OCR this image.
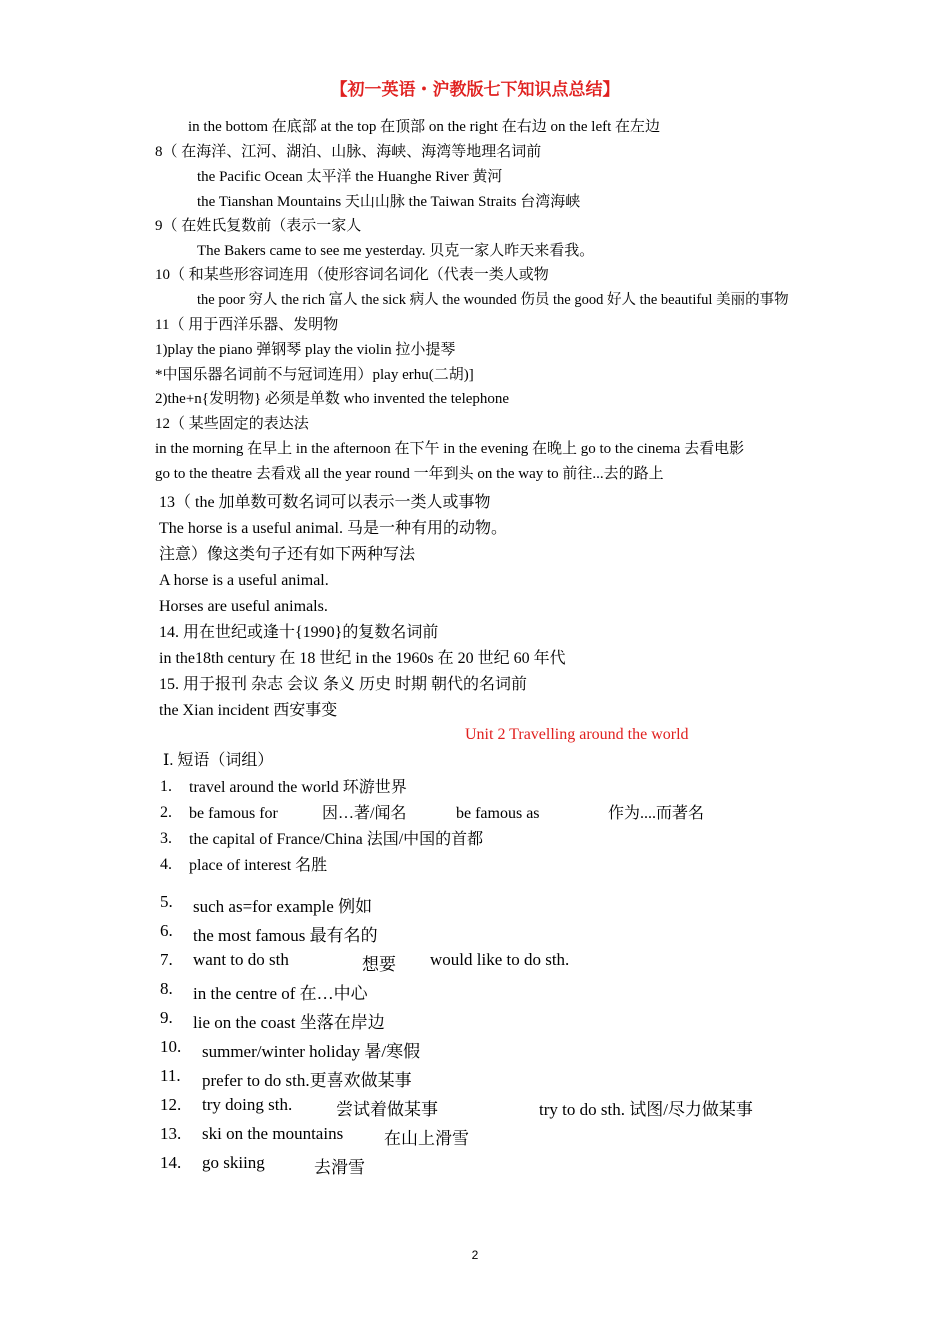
【初一英语・沪教版七下知识点总结】
in the bottom 在底部 at the top 在顶部 on the right 在右边 on the left 在左边
8（ 在海洋、江河、湖泊、山脉、海峡、海湾等地理名词前
the Pacific Ocean 太平洋 the Huanghe River 黄河
the Tianshan Mountains 天山山脉 the Taiwan Straits 台湾海峡
9（ 在姓氏复数前（表示一家人
The Bakers came to see me yesterday. 贝克一家人昨天来看我。
10（ 和某些形容词连用（使形容词名词化（代表一类人或物
the poor 穷人 the rich 富人 the sick 病人 the wounded 伤员 the good 好人 the beautiful 美丽的事物
11（ 用于西洋乐器、发明物
1)play the piano 弹钢琴 play the violin 拉小提琴
*中国乐器名词前不与冠词连用）play erhu(二胡)]
2)the+n{发明物} 必须是单数 who invented the telephone
12（ 某些固定的表达法
in the morning 在早上 in the afternoon 在下午 in the evening 在晚上 go to the cinema 去看电影
go to the theatre 去看戏 all the year round 一年到头 on the way to 前往...去的路上
13（ the 加单数可数名词可以表示一类人或事物
The horse is a useful animal. 马是一种有用的动物。
注意）像这类句子还有如下两种写法
A horse is a useful animal.
Horses are useful animals.
14. 用在世纪或逢十{1990}的复数名词前
in the18th century 在 18 世纪 in the 1960s 在 20 世纪 60 年代
15. 用于报刊 杂志 会议 条义 历史 时期 朝代的名词前
the Xian incident 西安事变
Unit 2 Travelling around the world
Ⅰ. 短语（词组）
1. travel around the world 环游世界
2. be famous for	因…著/闻名	be famous as	作为....而著名
3. the capital of France/China 法国/中国的首都
4. place of interest 名胜
5. such as=for example 例如
6. the most famous 最有名的
7. want to do sth	想要 would like to do sth.
8. in the centre of 在…中心
9. lie on the coast 坐落在岸边
10. summer/winter holiday 暑/寒假
11. prefer to do sth.更喜欢做某事
12. try doing sth.	尝试着做某事	try to do sth. 试图/尽力做某事
13. ski on the mountains 在山上滑雪
14. go skiing	去滑雪
2
